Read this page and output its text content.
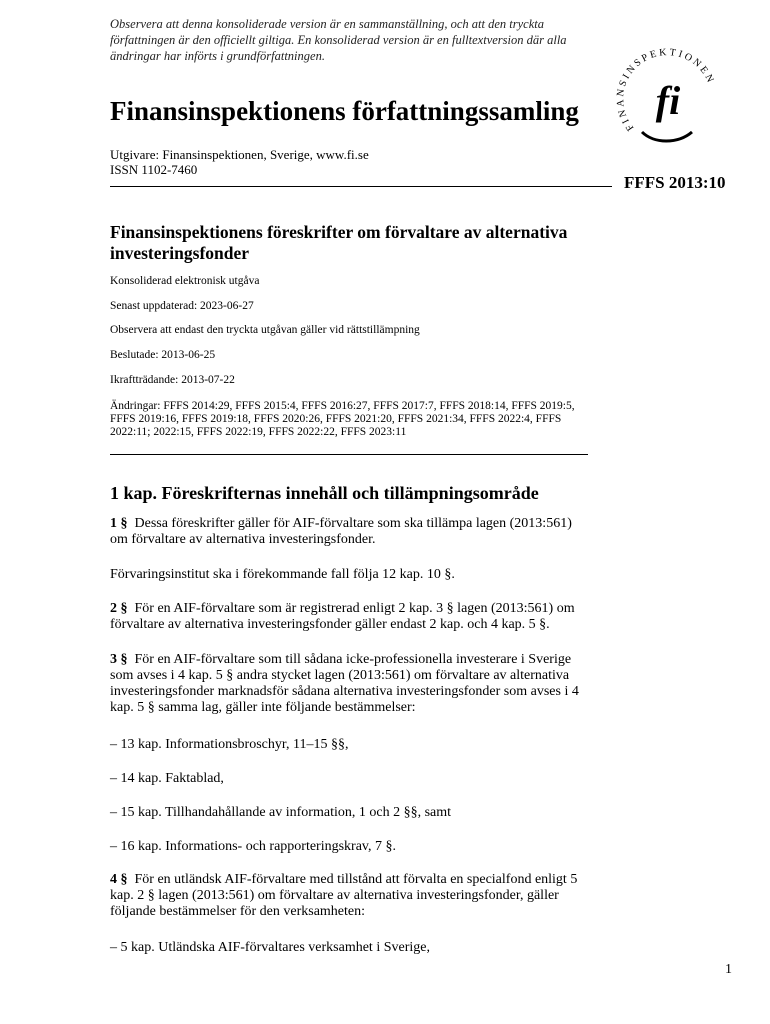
Observera att denna konsoliderade version är en sammanställning, och att den tryckta författningen är den officiellt giltiga. En konsoliderad version är en fulltextversion där alla ändringar har införts i grundförfattningen.
FINANSINSPEKTIONEN
fi
Finansinspektionens författningssamling
Utgivare: Finansinspektionen, Sverige, www.fi.se
ISSN 1102-7460
FFFS 2013:10
Finansinspektionens föreskrifter om förvaltare av alternativa investeringsfonder
Konsoliderad elektronisk utgåva
Senast uppdaterad: 2023-06-27
Observera att endast den tryckta utgåvan gäller vid rättstillämpning
Beslutade: 2013-06-25
Ikraftträdande: 2013-07-22
Ändringar: FFFS 2014:29, FFFS 2015:4, FFFS 2016:27, FFFS 2017:7, FFFS 2018:14, FFFS 2019:5, FFFS 2019:16, FFFS 2019:18, FFFS 2020:26, FFFS 2021:20, FFFS 2021:34, FFFS 2022:4, FFFS 2022:11; 2022:15, FFFS 2022:19, FFFS 2022:22, FFFS 2023:11
1 kap. Föreskrifternas innehåll och tillämpningsområde
1 § Dessa föreskrifter gäller för AIF-förvaltare som ska tillämpa lagen (2013:561) om förvaltare av alternativa investeringsfonder.
Förvaringsinstitut ska i förekommande fall följa 12 kap. 10 §.
2 § För en AIF-förvaltare som är registrerad enligt 2 kap. 3 § lagen (2013:561) om förvaltare av alternativa investeringsfonder gäller endast 2 kap. och 4 kap. 5 §.
3 § För en AIF-förvaltare som till sådana icke-professionella investerare i Sverige som avses i 4 kap. 5 § andra stycket lagen (2013:561) om förvaltare av alternativa investeringsfonder marknadsför sådana alternativa investeringsfonder som avses i 4 kap. 5 § samma lag, gäller inte följande bestämmelser:
– 13 kap. Informationsbroschyr, 11–15 §§,
– 14 kap. Faktablad,
– 15 kap. Tillhandahållande av information, 1 och 2 §§, samt
– 16 kap. Informations- och rapporteringskrav, 7 §.
4 § För en utländsk AIF-förvaltare med tillstånd att förvalta en specialfond enligt 5 kap. 2 § lagen (2013:561) om förvaltare av alternativa investeringsfonder, gäller följande bestämmelser för den verksamheten:
– 5 kap. Utländska AIF-förvaltares verksamhet i Sverige,
1
